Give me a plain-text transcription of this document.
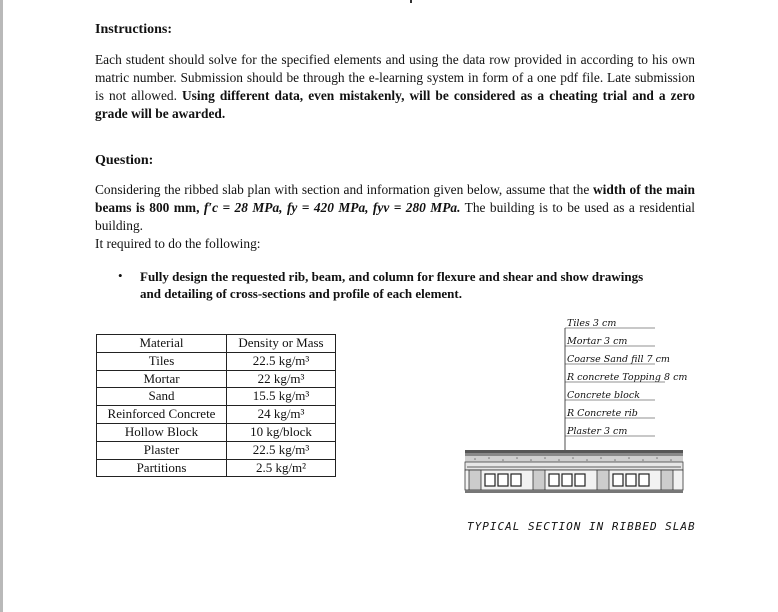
Instructions:
Each student should solve for the specified elements and using the data row provided in according to his own matric number. Submission should be through the e-learning system in form of a one pdf file. Late submission is not allowed. Using different data, even mistakenly, will be considered as a cheating trial and a zero grade will be awarded.
Question:
Considering the ribbed slab plan with section and information given below, assume that the width of the main beams is 800 mm, f′c = 28 MPa, fy = 420 MPa, fyv = 280 MPa. The building is to be used as a residential building.
It required to do the following:
• Fully design the requested rib, beam, and column for flexure and shear and show drawings and detailing of cross-sections and profile of each element.
Material	Density or Mass
Tiles	22.5 kg/m³
Mortar	22 kg/m³
Sand	15.5 kg/m³
Reinforced Concrete	24 kg/m³
Hollow Block	10 kg/block
Plaster	22.5 kg/m³
Partitions	2.5 kg/m²
Tiles 3 cm
Mortar 3 cm
Coarse Sand fill 7 cm
R concrete Topping 8 cm
Concrete block
R Concrete rib
Plaster 3 cm
TYPICAL SECTION IN RIBBED SLAB
